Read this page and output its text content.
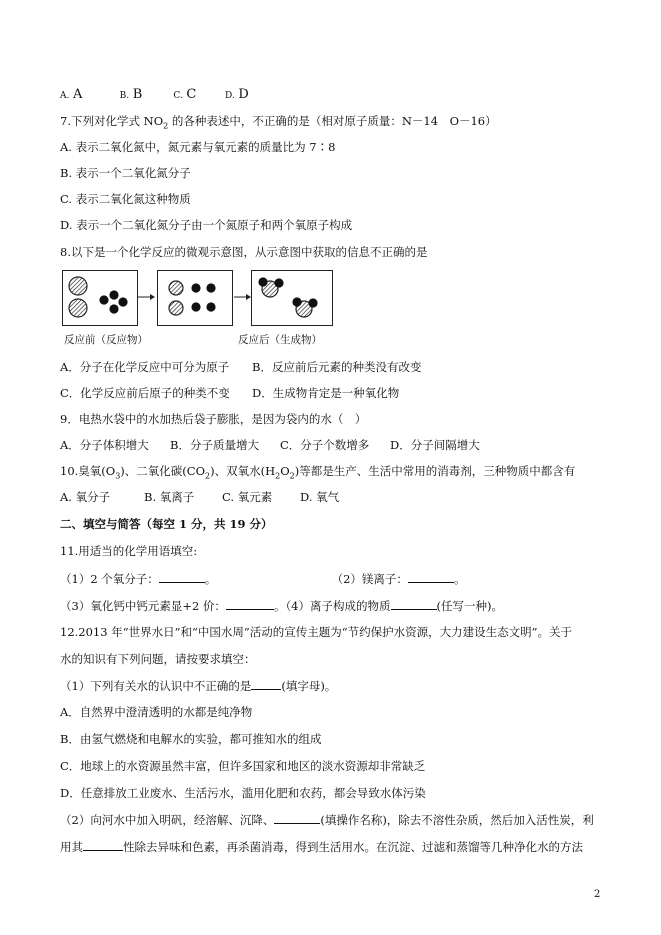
A. A	B. B	C. C	D. D
7.下列对化学式 $NO_2$ 的各种表述中，不正确的是（相对原子质量：N－14　O－16）
A. 表示二氧化氮中，氮元素与氧元素的质量比为 7∶8
B. 表示一个二氧化氮分子
C. 表示二氧化氮这种物质
D. 表示一个二氧化氮分子由一个氮原子和两个氧原子构成
8.以下是一个化学反应的微观示意图，从示意图中获取的信息不正确的是
反应前（反应物）	反应后（生成物）
A．分子在化学反应中可分为原子 B．反应前后元素的种类没有改变
C．化学反应前后原子的种类不变 D．生成物肯定是一种氧化物
9．电热水袋中的水加热后袋子膨胀，是因为袋内的水（　）
A．分子体积增大 B．分子质量增大 C．分子个数增多 D．分子间隔增大
10.臭氧$(O_3)$、二氧化碳$(CO_2)$、双氧水$(H_2O_2)$等都是生产、生活中常用的消毒剂，三种物质中都含有
A. 氧分子	B. 氧离子 C. 氧元素 D. 氧气
二、填空与简答（每空 1 分，共 19 分）
11.用适当的化学用语填空:
（1）2 个氧分子：	。	（2）镁离子：	。
（3）氧化钙中钙元素显+2 价：	。（4）离子构成的物质	(任写一种)。
12.2013 年“世界水日”和“中国水周”活动的宣传主题为“节约保护水资源，大力建设生态文明”。关于
水的知识有下列问题，请按要求填空：
（1）下列有关水的认识中不正确的是	(填字母)。
A．自然界中澄清透明的水都是纯净物
B．由氢气燃烧和电解水的实验，都可推知水的组成
C．地球上的水资源虽然丰富，但许多国家和地区的淡水资源却非常缺乏
D．任意排放工业废水、生活污水，滥用化肥和农药，都会导致水体污染
（2）向河水中加入明矾，经溶解、沉降、	(填操作名称)，除去不溶性杂质，然后加入活性炭，利
用其	性除去异味和色素，再杀菌消毒，得到生活用水。在沉淀、过滤和蒸馏等几种净化水的方法
2
